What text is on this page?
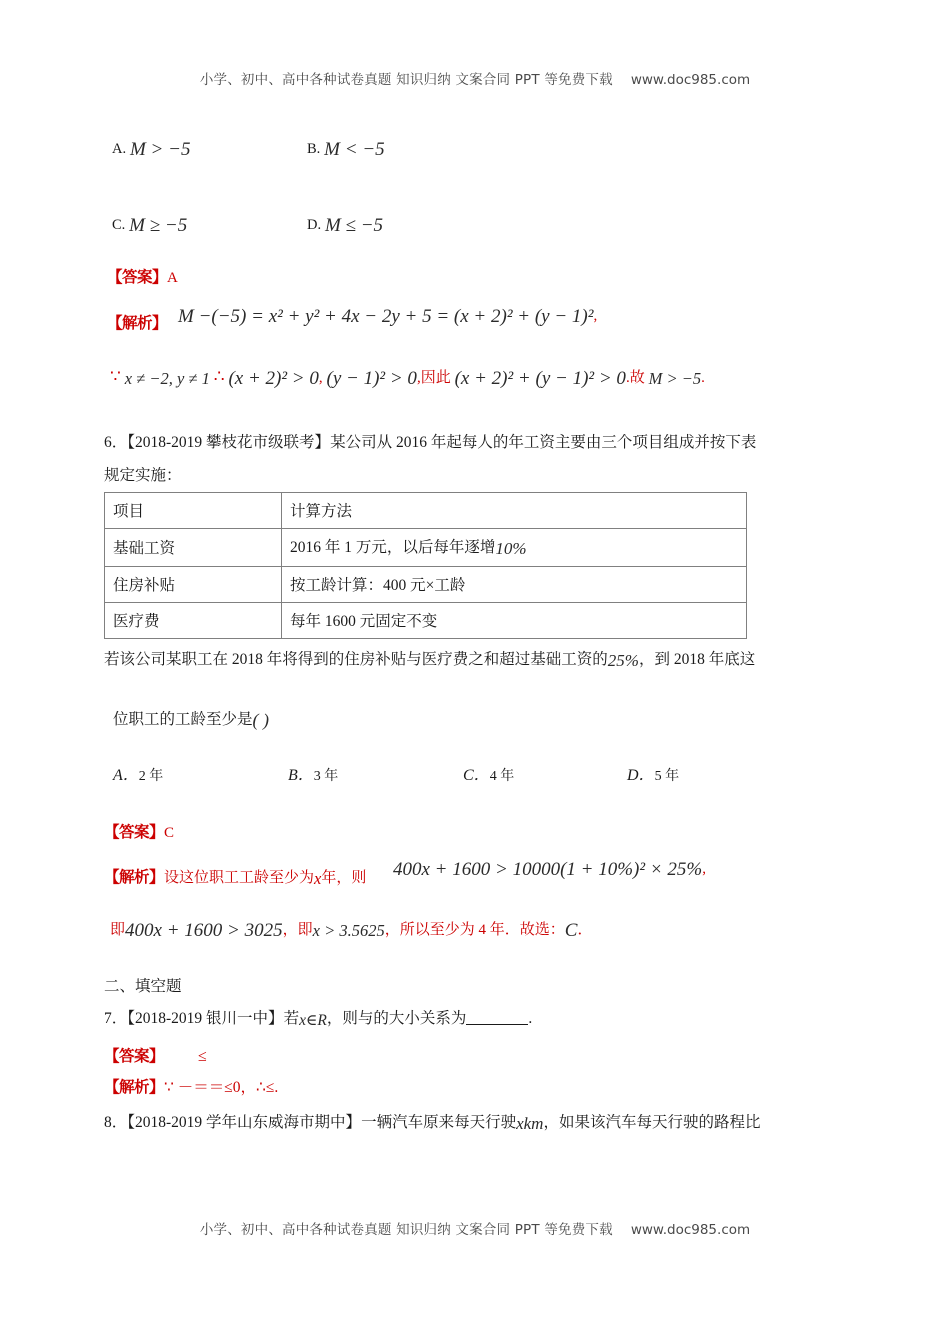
小学、初中、高中各种试卷真题 知识归纳 文案合同 PPT 等免费下载 www.doc985.com
A. M > −5	B. M < −5
C. M ≥ −5	D. M ≤ −5
【答案】A
【解析】 M −(−5) = x² + y² + 4x − 2y + 5 = (x + 2)² + (y − 1)²,
∵ x ≠ −2, y ≠ 1 ∴ (x + 2)² > 0, (y − 1)² > 0,因此 (x + 2)² + (y − 1)² > 0.故 M > −5.
6．【2018-2019 攀枝花市级联考】某公司从 2016 年起每人的年工资主要由三个项目组成并按下表
规定实施：
项目	计算方法
基础工资	2016 年 1 万元，以后每年逐增10%
住房补贴	按工龄计算：400 元×工龄
医疗费	每年 1600 元固定不变
若该公司某职工在 2018 年将得到的住房补贴与医疗费之和超过基础工资的25%，到 2018 年底这
位职工的工龄至少是( )
A．2 年	B．3 年	C．4 年	D．5 年
【答案】C
【解析】设这位职工工龄至少为x年，则 400x + 1600 > 10000(1 + 10%)² × 25%,
即400x + 1600 > 3025，即x > 3.5625，所以至少为 4 年．故选：C．
二、填空题
7．【2018-2019 银川一中】若x∈R，则与的大小关系为	.
【答案】 ≤
【解析】∵ －＝＝≤0，∴≤.
8．【2018-2019 学年山东威海市期中】一辆汽车原来每天行驶xkm，如果该汽车每天行驶的路程比
小学、初中、高中各种试卷真题 知识归纳 文案合同 PPT 等免费下载 www.doc985.com
